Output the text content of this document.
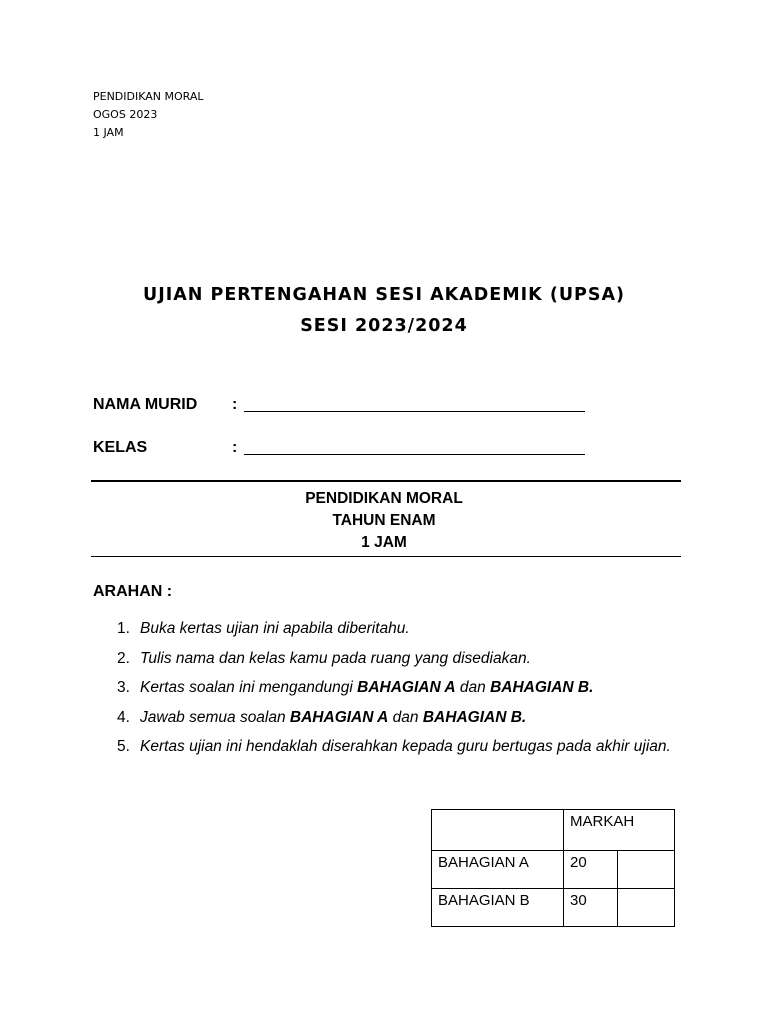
PENDIDIKAN MORAL
OGOS 2023
1 JAM
UJIAN PERTENGAHAN SESI AKADEMIK (UPSA)
SESI 2023/2024
NAMA MURID :
KELAS	:
PENDIDIKAN MORAL
TAHUN ENAM
1 JAM
ARAHAN :
1. Buka kertas ujian ini apabila diberitahu.
2. Tulis nama dan kelas kamu pada ruang yang disediakan.
3. Kertas soalan ini mengandungi BAHAGIAN A dan BAHAGIAN B.
4. Jawab semua soalan BAHAGIAN A dan BAHAGIAN B.
5. Kertas ujian ini hendaklah diserahkan kepada guru bertugas pada akhir ujian.
	MARKAH	
BAHAGIAN A	20	
BAHAGIAN B	30	
